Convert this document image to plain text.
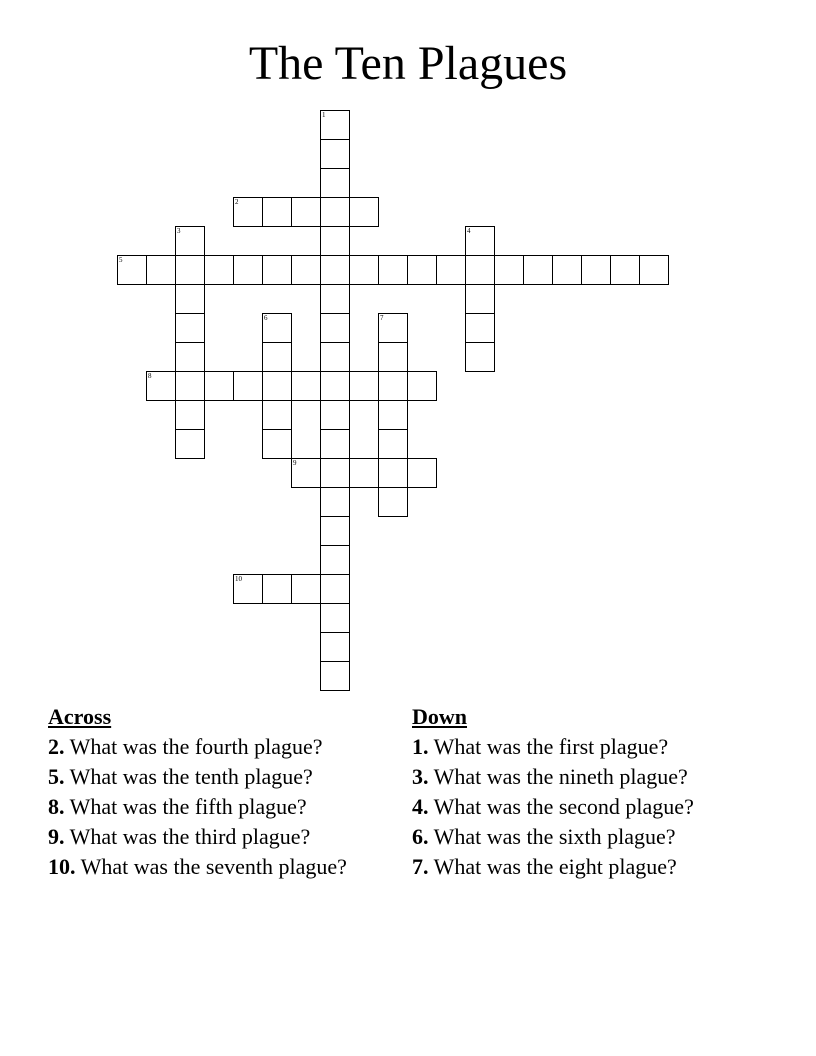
The Ten Plagues
1
2
3	4
5
6	7
8
9
10
Across
2. What was the fourth plague?
5. What was the tenth plague?
8. What was the fifth plague?
9. What was the third plague?
10. What was the seventh plague?
Down
1. What was the first plague?
3. What was the nineth plague?
4. What was the second plague?
6. What was the sixth plague?
7. What was the eight plague?
